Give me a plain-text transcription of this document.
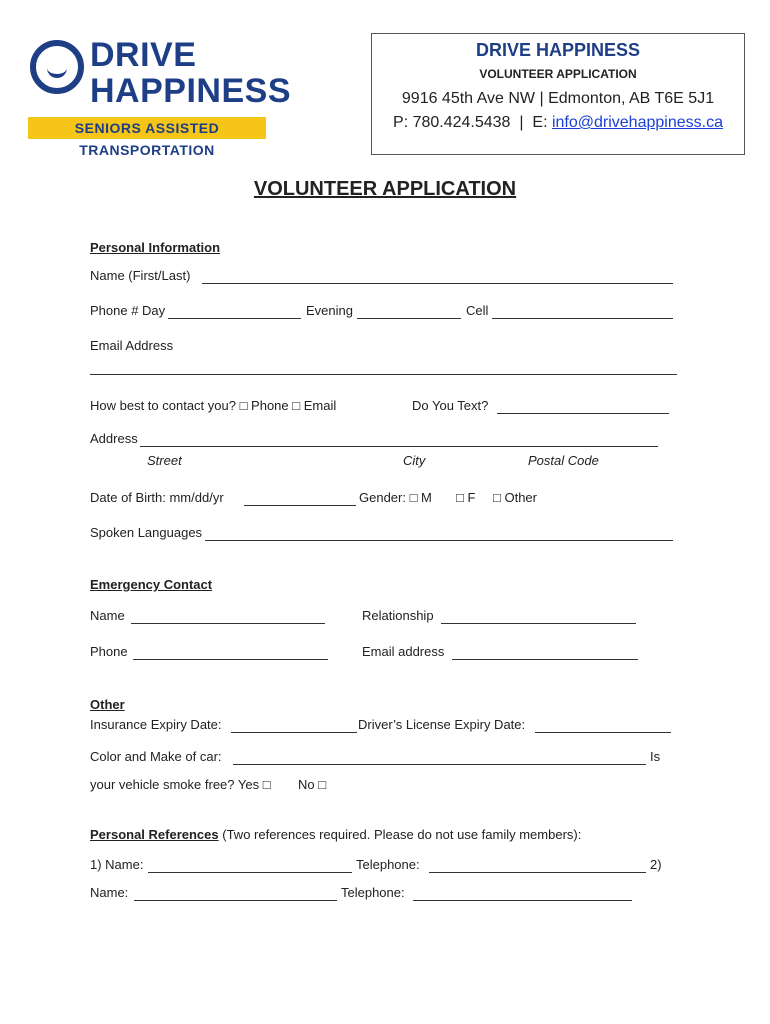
DRIVE
HAPPINESS
SENIORS ASSISTED TRANSPORTATION
DRIVE HAPPINESS
VOLUNTEER APPLICATION
9916 45th Ave NW | Edmonton, AB T6E 5J1
P: 780.424.5438  |  E: info@drivehappiness.ca
VOLUNTEER APPLICATION
Personal Information
Name (First/Last)
Phone # Day	Evening	Cell
Email Address
How best to contact you? □ Phone □ Email	Do You Text?
Address
Street	City	Postal Code
Date of Birth: mm/dd/yr	Gender: □ M □ F □ Other
Spoken Languages
Emergency Contact
Name	Relationship
Phone	Email address
Other
Insurance Expiry Date:	Driver’s License Expiry Date:
Color and Make of car:	Is
your vehicle smoke free? Yes □ No □
Personal References (Two references required. Please do not use family members):
1) Name:	Telephone:	2)
Name:	Telephone:
